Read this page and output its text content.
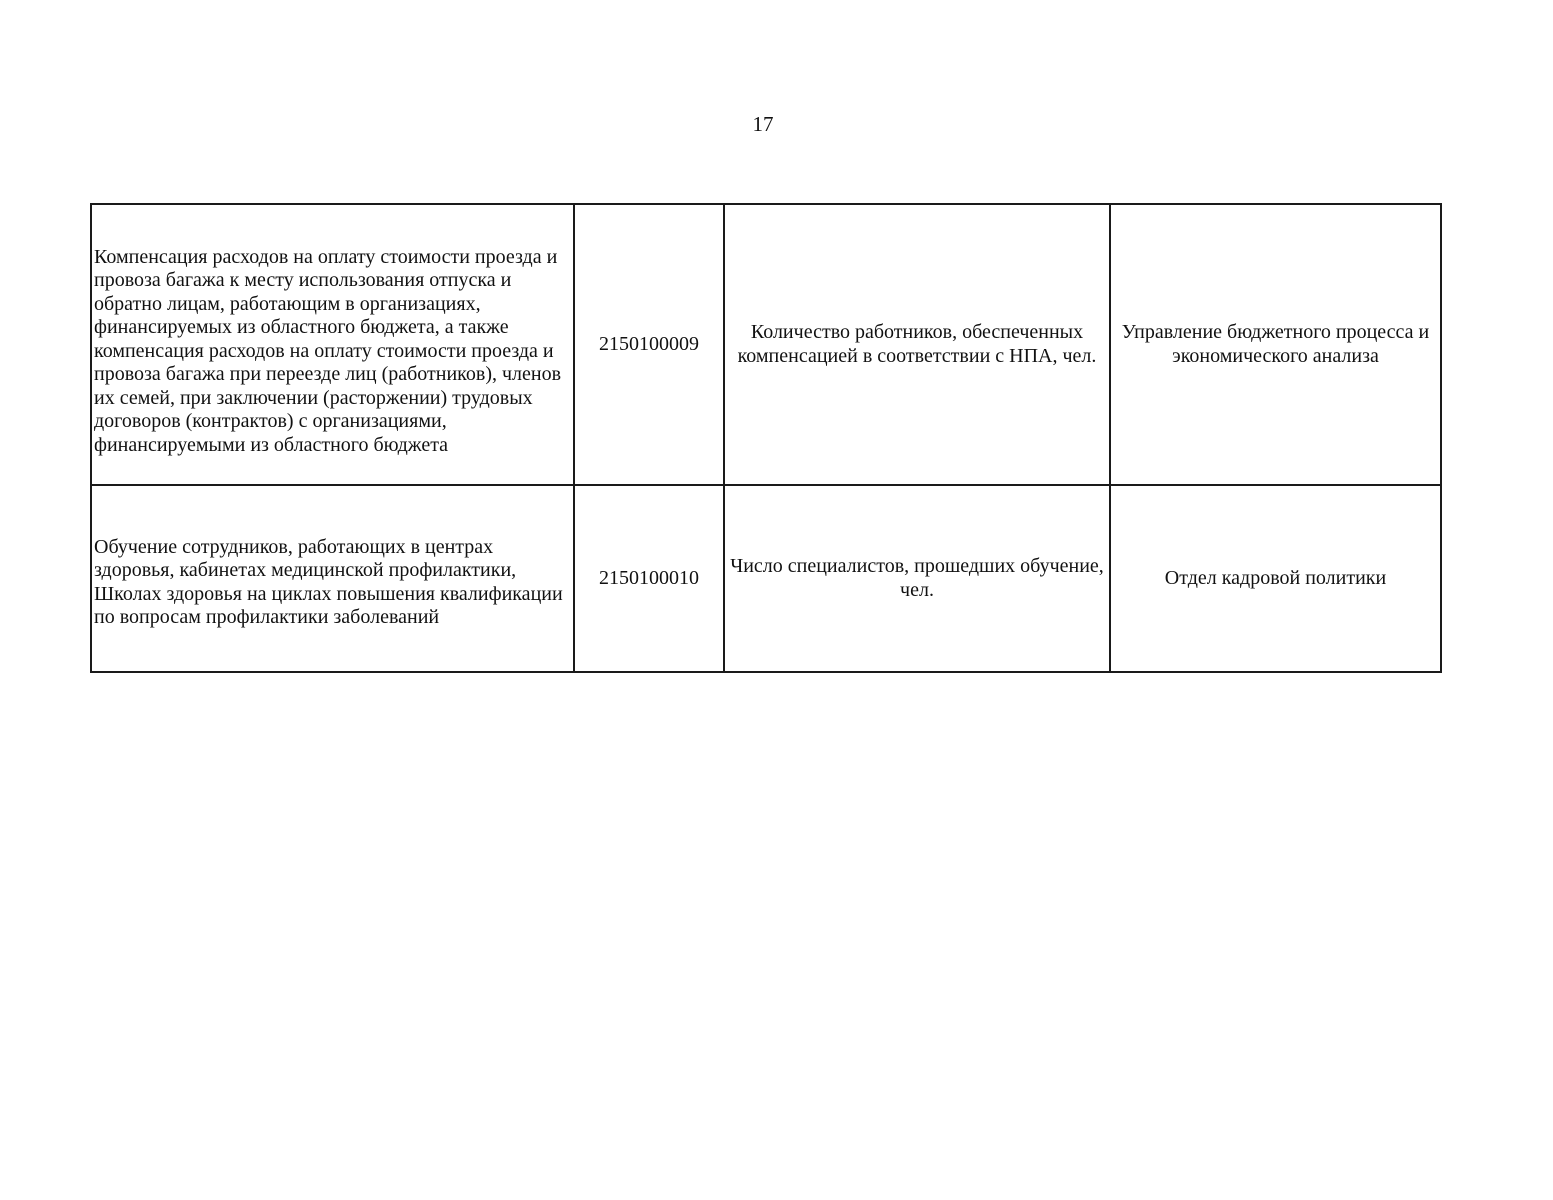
17
Компенсация расходов на оплату стоимости проезда и провоза багажа к месту использования отпуска и обратно лицам, работающим в организациях, финансируемых из областного бюджета, а также компенсация расходов на оплату стоимости проезда и провоза багажа при переезде лиц (работников), членов их семей, при заключении (расторжении) трудовых договоров (контрактов) с организациями, финансируемыми из областного бюджета	2150100009	Количество работников, обеспеченных компенсацией в соответствии с НПА, чел.	Управление бюджетного процесса и экономического анализа
Обучение сотрудников, работающих в центрах здоровья, кабинетах медицинской профилактики, Школах здоровья на циклах повышения квалификации по вопросам профилактики заболеваний	2150100010	Число специалистов, прошедших обучение, чел.	Отдел кадровой политики
